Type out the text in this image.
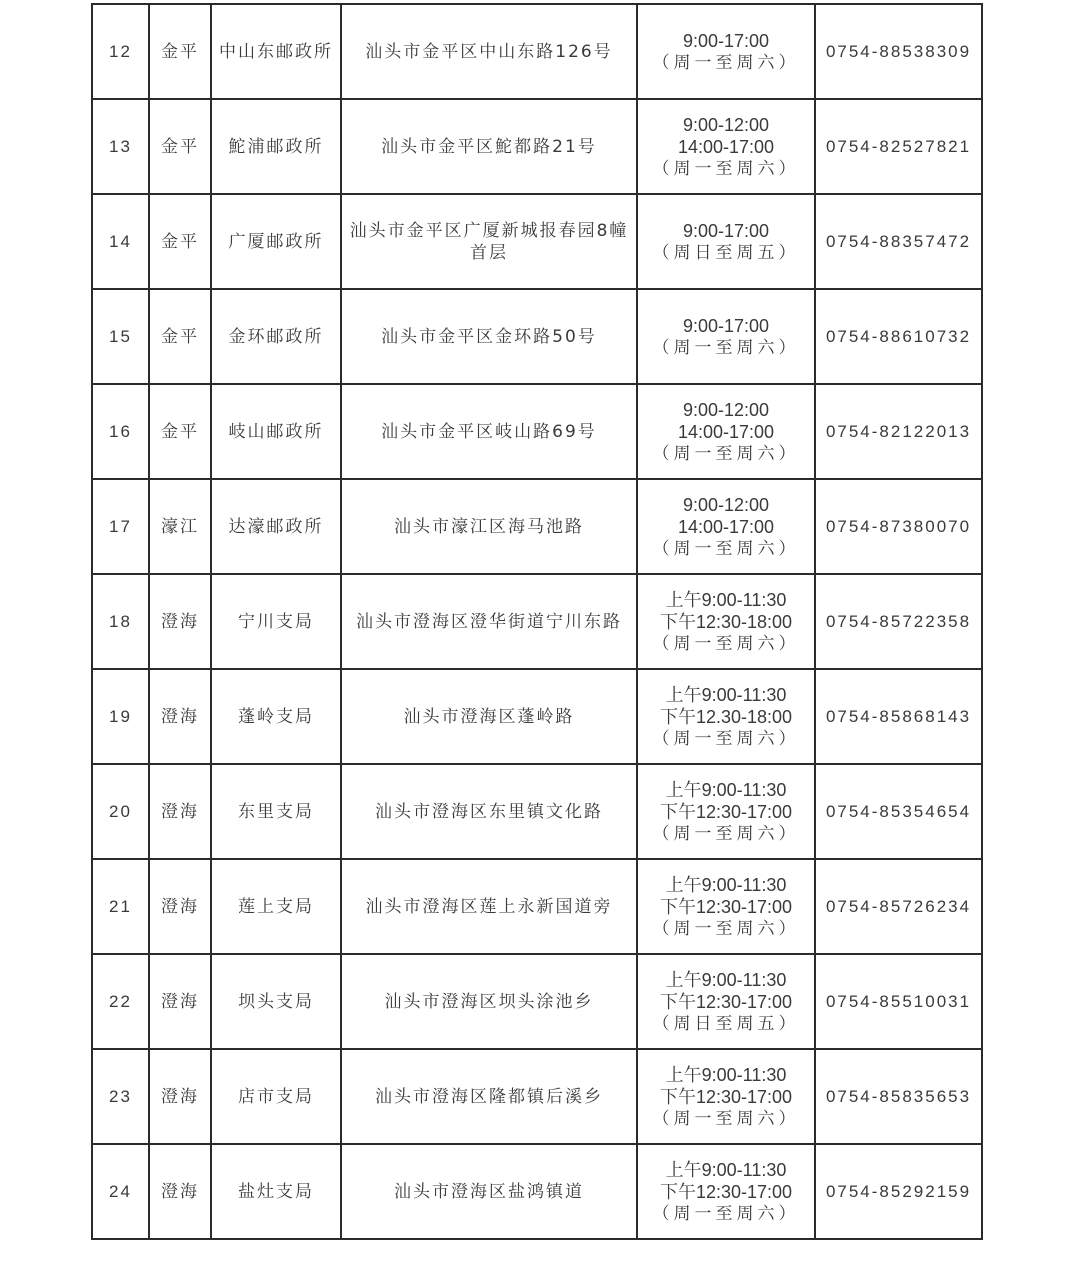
12	金平	中山东邮政所	汕头市金平区中山东路126号	9:00-17:00
（周一至周六）	0754-88538309
13	金平	鮀浦邮政所	汕头市金平区鮀都路21号	9:00-12:00
14:00-17:00
（周一至周六）	0754-82527821
14	金平	广厦邮政所	汕头市金平区广厦新城报春园8幢首层	9:00-17:00
（周日至周五）	0754-88357472
15	金平	金环邮政所	汕头市金平区金环路50号	9:00-17:00
（周一至周六）	0754-88610732
16	金平	岐山邮政所	汕头市金平区岐山路69号	9:00-12:00
14:00-17:00
（周一至周六）	0754-82122013
17	濠江	达濠邮政所	汕头市濠江区海马池路	9:00-12:00
14:00-17:00
（周一至周六）	0754-87380070
18	澄海	宁川支局	汕头市澄海区澄华街道宁川东路	上午9:00-11:30
下午12:30-18:00
（周一至周六）	0754-85722358
19	澄海	蓬岭支局	汕头市澄海区蓬岭路	上午9:00-11:30
下午12.30-18:00
（周一至周六）	0754-85868143
20	澄海	东里支局	汕头市澄海区东里镇文化路	上午9:00-11:30
下午12:30-17:00
（周一至周六）	0754-85354654
21	澄海	莲上支局	汕头市澄海区莲上永新国道旁	上午9:00-11:30
下午12:30-17:00
（周一至周六）	0754-85726234
22	澄海	坝头支局	汕头市澄海区坝头涂池乡	上午9:00-11:30
下午12:30-17:00
（周日至周五）	0754-85510031
23	澄海	店市支局	汕头市澄海区隆都镇后溪乡	上午9:00-11:30
下午12:30-17:00
（周一至周六）	0754-85835653
24	澄海	盐灶支局	汕头市澄海区盐鸿镇道	上午9:00-11:30
下午12:30-17:00
（周一至周六）	0754-85292159
